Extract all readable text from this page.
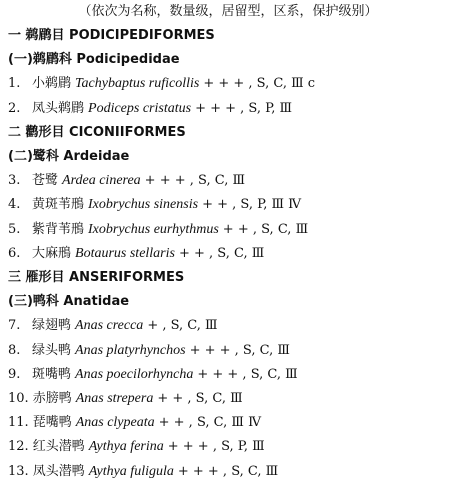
（依次为名称，数量级，居留型，区系，保护级别）
一 鹈鹛目 PODICIPEDIFORMES
(一)鹈鹛科 Podicipedidae
1. 小鹈鹛 Tachybaptus ruficollis + + + , S, C, Ⅲ c
2. 凤头鹈鹛 Podiceps cristatus + + + , S, P, Ⅲ
二 鹳形目 CICONIIFORMES
(二)鹭科 Ardeidae
3. 苍鹭 Ardea cinerea + + + , S, C, Ⅲ
4. 黄斑苇鳽 Ixobrychus sinensis + + , S, P, Ⅲ Ⅳ
5. 紫背苇鳽 Ixobrychus eurhythmus + + , S, C, Ⅲ
6. 大麻鳽 Botaurus stellaris + + , S, C, Ⅲ
三 雁形目 ANSERIFORMES
(三)鸭科 Anatidae
7. 绿翅鸭 Anas crecca + , S, C, Ⅲ
8. 绿头鸭 Anas platyrhynchos + + + , S, C, Ⅲ
9. 斑嘴鸭 Anas poecilorhyncha + + + , S, C, Ⅲ
10. 赤膀鸭 Anas strepera + + , S, C, Ⅲ
11. 琵嘴鸭 Anas clypeata + + , S, C, Ⅲ Ⅳ
12. 红头潜鸭 Aythya ferina + + + , S, P, Ⅲ
13. 凤头潜鸭 Aythya fuligula + + + , S, C, Ⅲ
